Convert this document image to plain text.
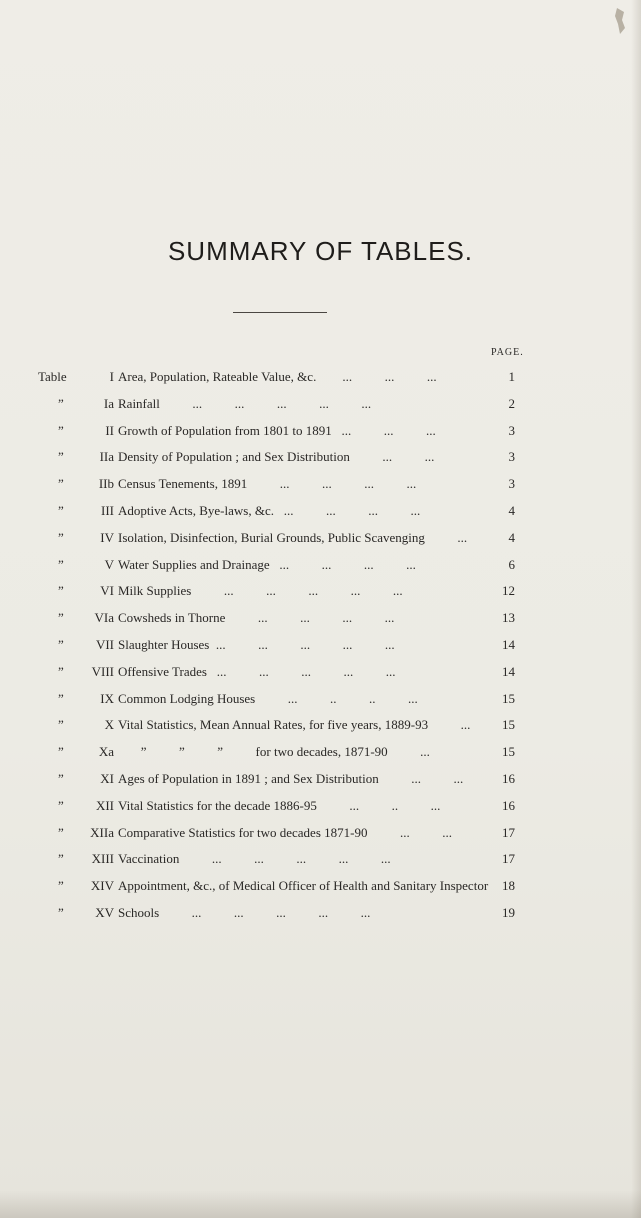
SUMMARY OF TABLES.
PAGE.
Table	I Area, Population, Rateable Value, &c.        ...          ...          ...	1
”	Ia Rainfall          ...          ...          ...          ...          ...	2
”	II Growth of Population from 1801 to 1891   ...          ...          ...	3
”	IIa Density of Population ; and Sex Distribution          ...          ...	3
”	IIb Census Tenements, 1891          ...          ...          ...          ...	3
”	III Adoptive Acts, Bye-laws, &c.   ...          ...          ...          ...	4
”	IV Isolation, Disinfection, Burial Grounds, Public Scavenging          ...	4
”	V Water Supplies and Drainage   ...          ...          ...          ...	6
”	VI Milk Supplies          ...          ...          ...          ...          ...	12
”	VIa Cowsheds in Thorne          ...          ...          ...          ...	13
”	VII Slaughter Houses  ...          ...          ...          ...          ...	14
”	VIII Offensive Trades   ...          ...          ...          ...          ...	14
”	IX Common Lodging Houses          ...          ..          ..          ...	15
”	X Vital Statistics, Mean Annual Rates, for five years, 1889-93          ...	15
”	Xa ”          ”          ”          for two decades, 1871-90          ...	15
”	XI Ages of Population in 1891 ; and Sex Distribution          ...          ...	16
”	XII Vital Statistics for the decade 1886-95          ...          ..          ...	16
”	XIIa Comparative Statistics for two decades 1871-90          ...          ...	17
”	XIII Vaccination          ...          ...          ...          ...          ...	17
”	XIV Appointment, &c., of Medical Officer of Health and Sanitary Inspector	18
”	XV Schools          ...          ...          ...          ...          ...	19
